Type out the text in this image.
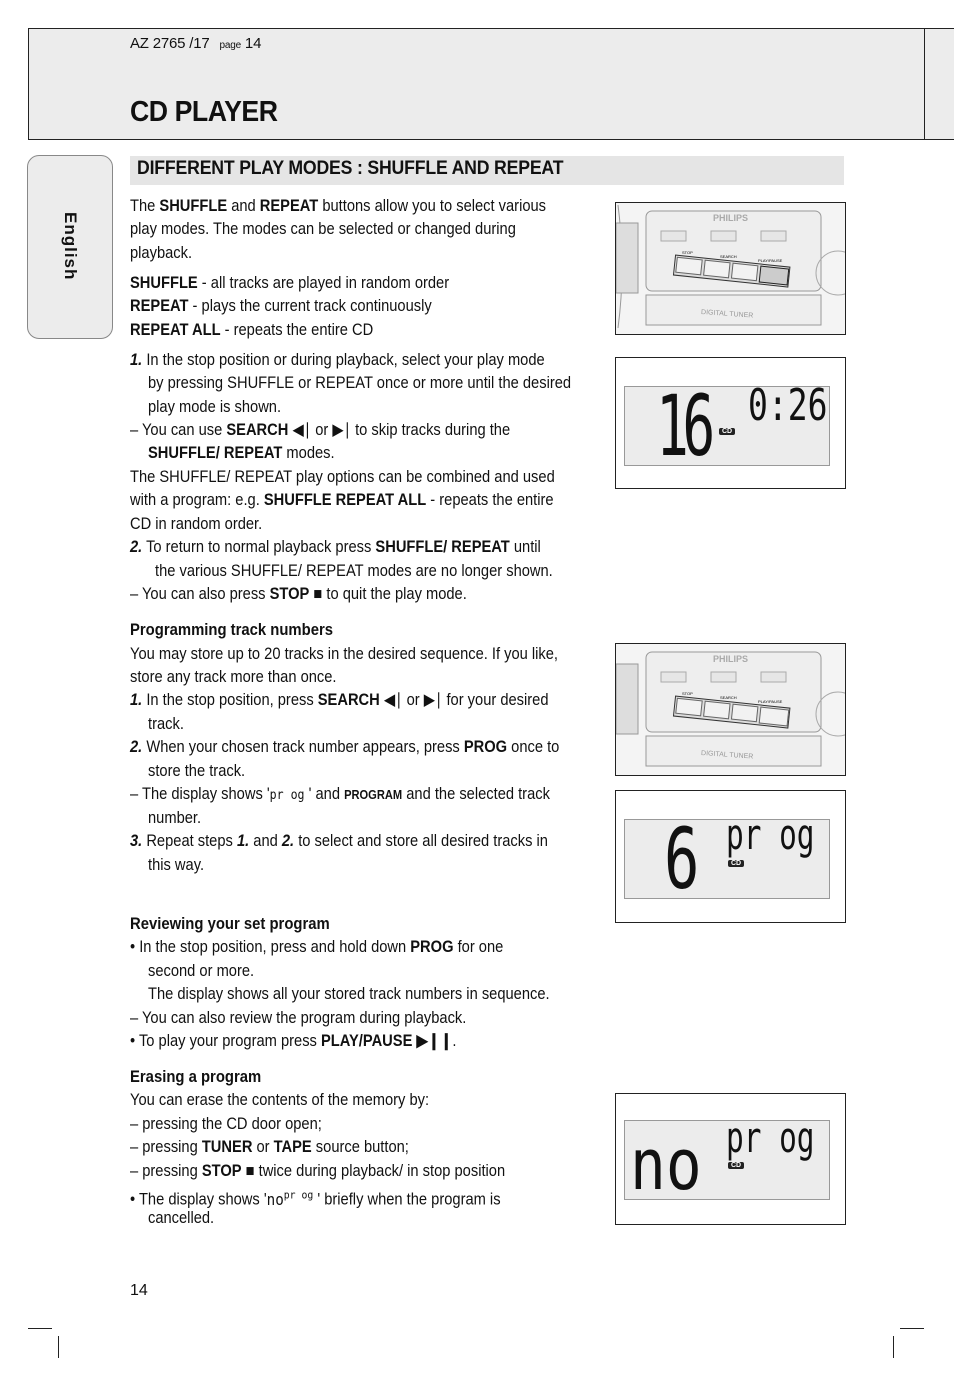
AZ 2765 /17 page 14
CD PLAYER
English
DIFFERENT PLAY MODES : SHUFFLE AND REPEAT
The SHUFFLE and REPEAT buttons allow you to select various
play modes. The modes can be selected or changed during
playback.
SHUFFLE - all tracks are played in random order
REPEAT - plays the current track continuously
REPEAT ALL - repeats the entire CD
1. In the stop position or during playback, select your play mode
by pressing SHUFFLE or REPEAT once or more until the desired
play mode is shown.
– You can use SEARCH ◀∣ or ▶∣ to skip tracks during the
SHUFFLE/ REPEAT modes.
The SHUFFLE/ REPEAT play options can be combined and used
with a program: e.g. SHUFFLE REPEAT ALL - repeats the entire
CD in random order.
2. To return to normal playback press SHUFFLE/ REPEAT until
the various SHUFFLE/ REPEAT modes are no longer shown.
– You can also press STOP ■ to quit the play mode.
Programming track numbers
You may store up to 20 tracks in the desired sequence. If you like,
store any track more than once.
1. In the stop position, press SEARCH ◀∣ or ▶∣ for your desired
track.
2. When your chosen track number appears, press PROG once to
store the track.
– The display shows 'pr og ' and PROGRAM and the selected track
number.
3. Repeat steps 1. and 2. to select and store all desired tracks in
this way.
Reviewing your set program
• In the stop position, press and hold down PROG for one
second or more.
The display shows all your stored track numbers in sequence.
– You can also review the program during playback.
• To play your program press PLAY/PAUSE ▶❙❙.
Erasing a program
You can erase the contents of the memory by:
– pressing the CD door open;
– pressing TUNER or TAPE source button;
– pressing STOP ■ twice during playback/ in stop position
• The display shows '$no^{pr og}$ ' briefly when the program is
cancelled.
PHILIPS
STOP
SEARCH
PLAY/PAUSE
DIGITAL TUNER
16 0:26
CD
PHILIPS
STOP
SEARCH
PLAY/PAUSE
DIGITAL TUNER
6 pr og
CD
no pr og
CD
14
